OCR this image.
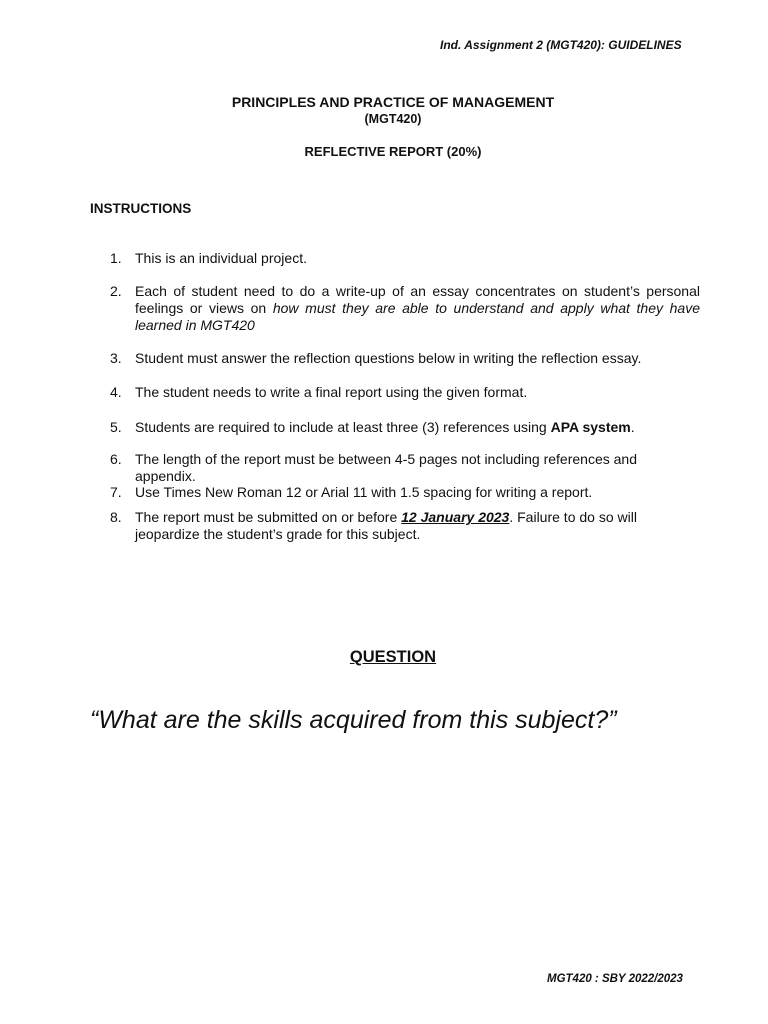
Ind. Assignment 2 (MGT420): GUIDELINES
PRINCIPLES AND PRACTICE OF MANAGEMENT
(MGT420)
REFLECTIVE REPORT (20%)
INSTRUCTIONS
1. This is an individual project.
2. Each of student need to do a write-up of an essay concentrates on student’s personal feelings or views on how must they are able to understand and apply what they have learned in MGT420
3. Student must answer the reflection questions below in writing the reflection essay.
4. The student needs to write a final report using the given format.
5. Students are required to include at least three (3) references using APA system.
6. The length of the report must be between 4-5 pages not including references and appendix.
7. Use Times New Roman 12 or Arial 11 with 1.5 spacing for writing a report.
8. The report must be submitted on or before 12 January 2023. Failure to do so will jeopardize the student’s grade for this subject.
QUESTION
“What are the skills acquired from this subject?”
MGT420 : SBY 2022/2023
